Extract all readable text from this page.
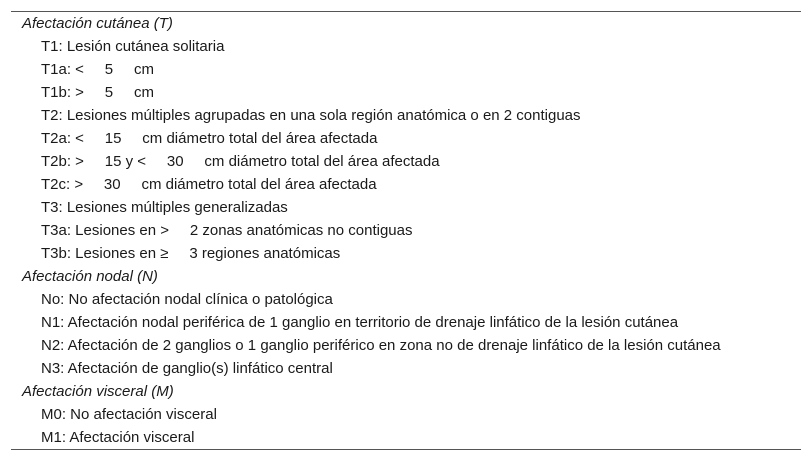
Afectación cutánea (T)
T1: Lesión cutánea solitaria
T1a: <     5     cm
T1b: >     5     cm
T2: Lesiones múltiples agrupadas en una sola región anatómica o en 2 contiguas
T2a: <     15     cm diámetro total del área afectada
T2b: >     15 y <     30     cm diámetro total del área afectada
T2c: >     30     cm diámetro total del área afectada
T3: Lesiones múltiples generalizadas
T3a: Lesiones en >     2 zonas anatómicas no contiguas
T3b: Lesiones en ≥     3 regiones anatómicas
Afectación nodal (N)
No: No afectación nodal clínica o patológica
N1: Afectación nodal periférica de 1 ganglio en territorio de drenaje linfático de la lesión cutánea
N2: Afectación de 2 ganglios o 1 ganglio periférico en zona no de drenaje linfático de la lesión cutánea
N3: Afectación de ganglio(s) linfático central
Afectación visceral (M)
M0: No afectación visceral
M1: Afectación visceral
